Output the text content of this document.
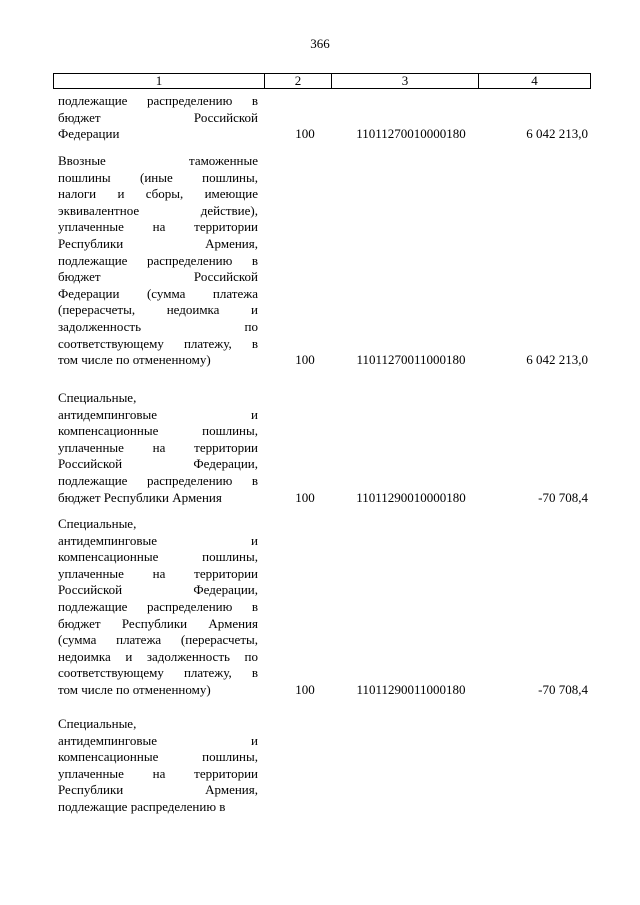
366
1	2	3	4
подлежащие распределению в
бюджет Российской
Федерации	100	11011270010000180	6 042 213,0
Ввозные таможенные
пошлины (иные пошлины,
налоги и сборы, имеющие
эквивалентное действие),
уплаченные на территории
Республики Армения,
подлежащие распределению в
бюджет Российской
Федерации (сумма платежа
(перерасчеты, недоимка и
задолженность по
соответствующему платежу, в
том числе по отмененному)	100	11011270011000180	6 042 213,0
Специальные,
антидемпинговые и
компенсационные пошлины,
уплаченные на территории
Российской Федерации,
подлежащие распределению в
бюджет Республики Армения	100	11011290010000180	-70 708,4
Специальные,
антидемпинговые и
компенсационные пошлины,
уплаченные на территории
Российской Федерации,
подлежащие распределению в
бюджет Республики Армения
(сумма платежа (перерасчеты,
недоимка и задолженность по
соответствующему платежу, в
том числе по отмененному)	100	11011290011000180	-70 708,4
Специальные,
антидемпинговые и
компенсационные пошлины,
уплаченные на территории
Республики Армения,
подлежащие распределению в
